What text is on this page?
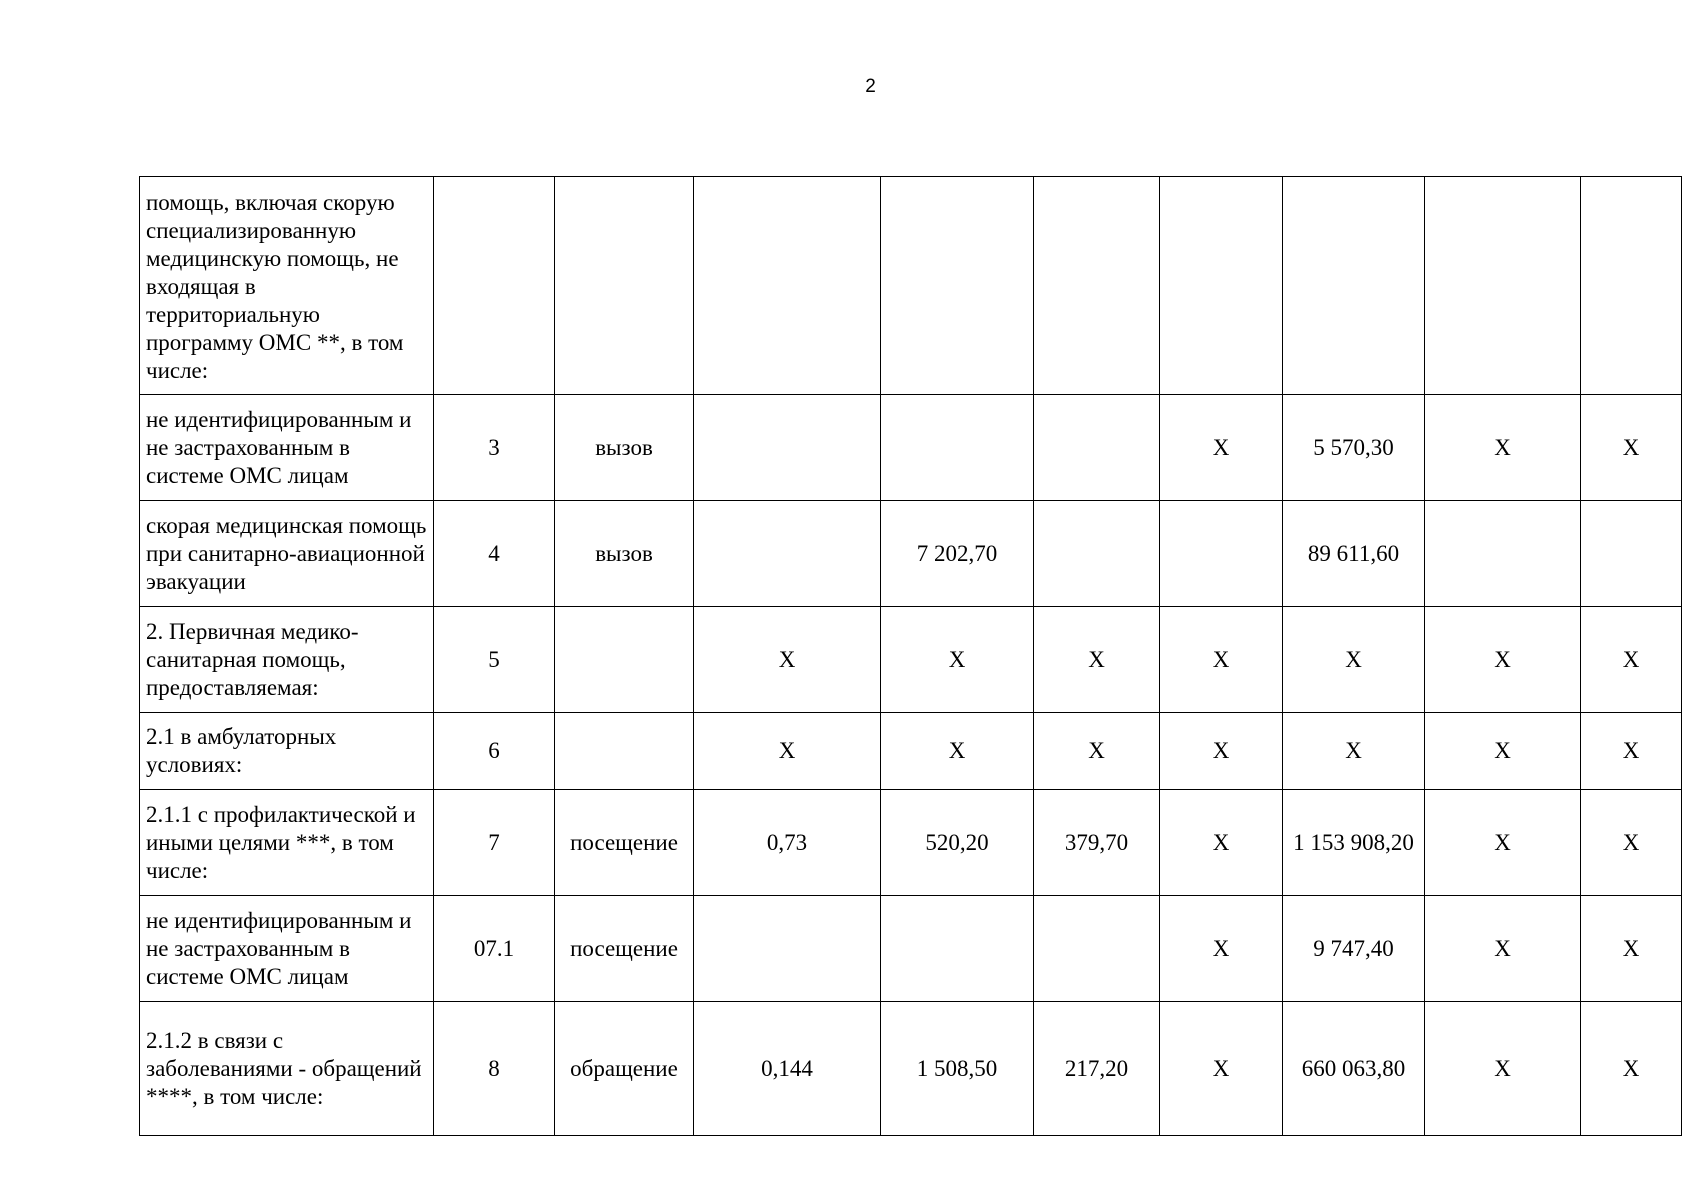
2
помощь, включая скорую специализированную медицинскую помощь, не входящая в территориальную программу ОМС **, в том числе:									
не идентифицированным и не застрахованным в системе ОМС лицам	3	вызов				X	5 570,30	X	X
скорая медицинская помощь при санитарно-авиационной эвакуации	4	вызов		7 202,70			89 611,60		
2. Первичная медико-санитарная помощь, предоставляемая:	5		X	X	X	X	X	X	X
2.1 в амбулаторных условиях:	6		X	X	X	X	X	X	X
2.1.1 с профилактической и иными целями ***, в том числе:	7	посещение	0,73	520,20	379,70	X	1 153 908,20	X	X
не идентифицированным и не застрахованным в системе ОМС лицам	07.1	посещение				X	9 747,40	X	X
2.1.2 в связи с заболеваниями - обращений ****, в том числе:	8	обращение	0,144	1 508,50	217,20	X	660 063,80	X	X
